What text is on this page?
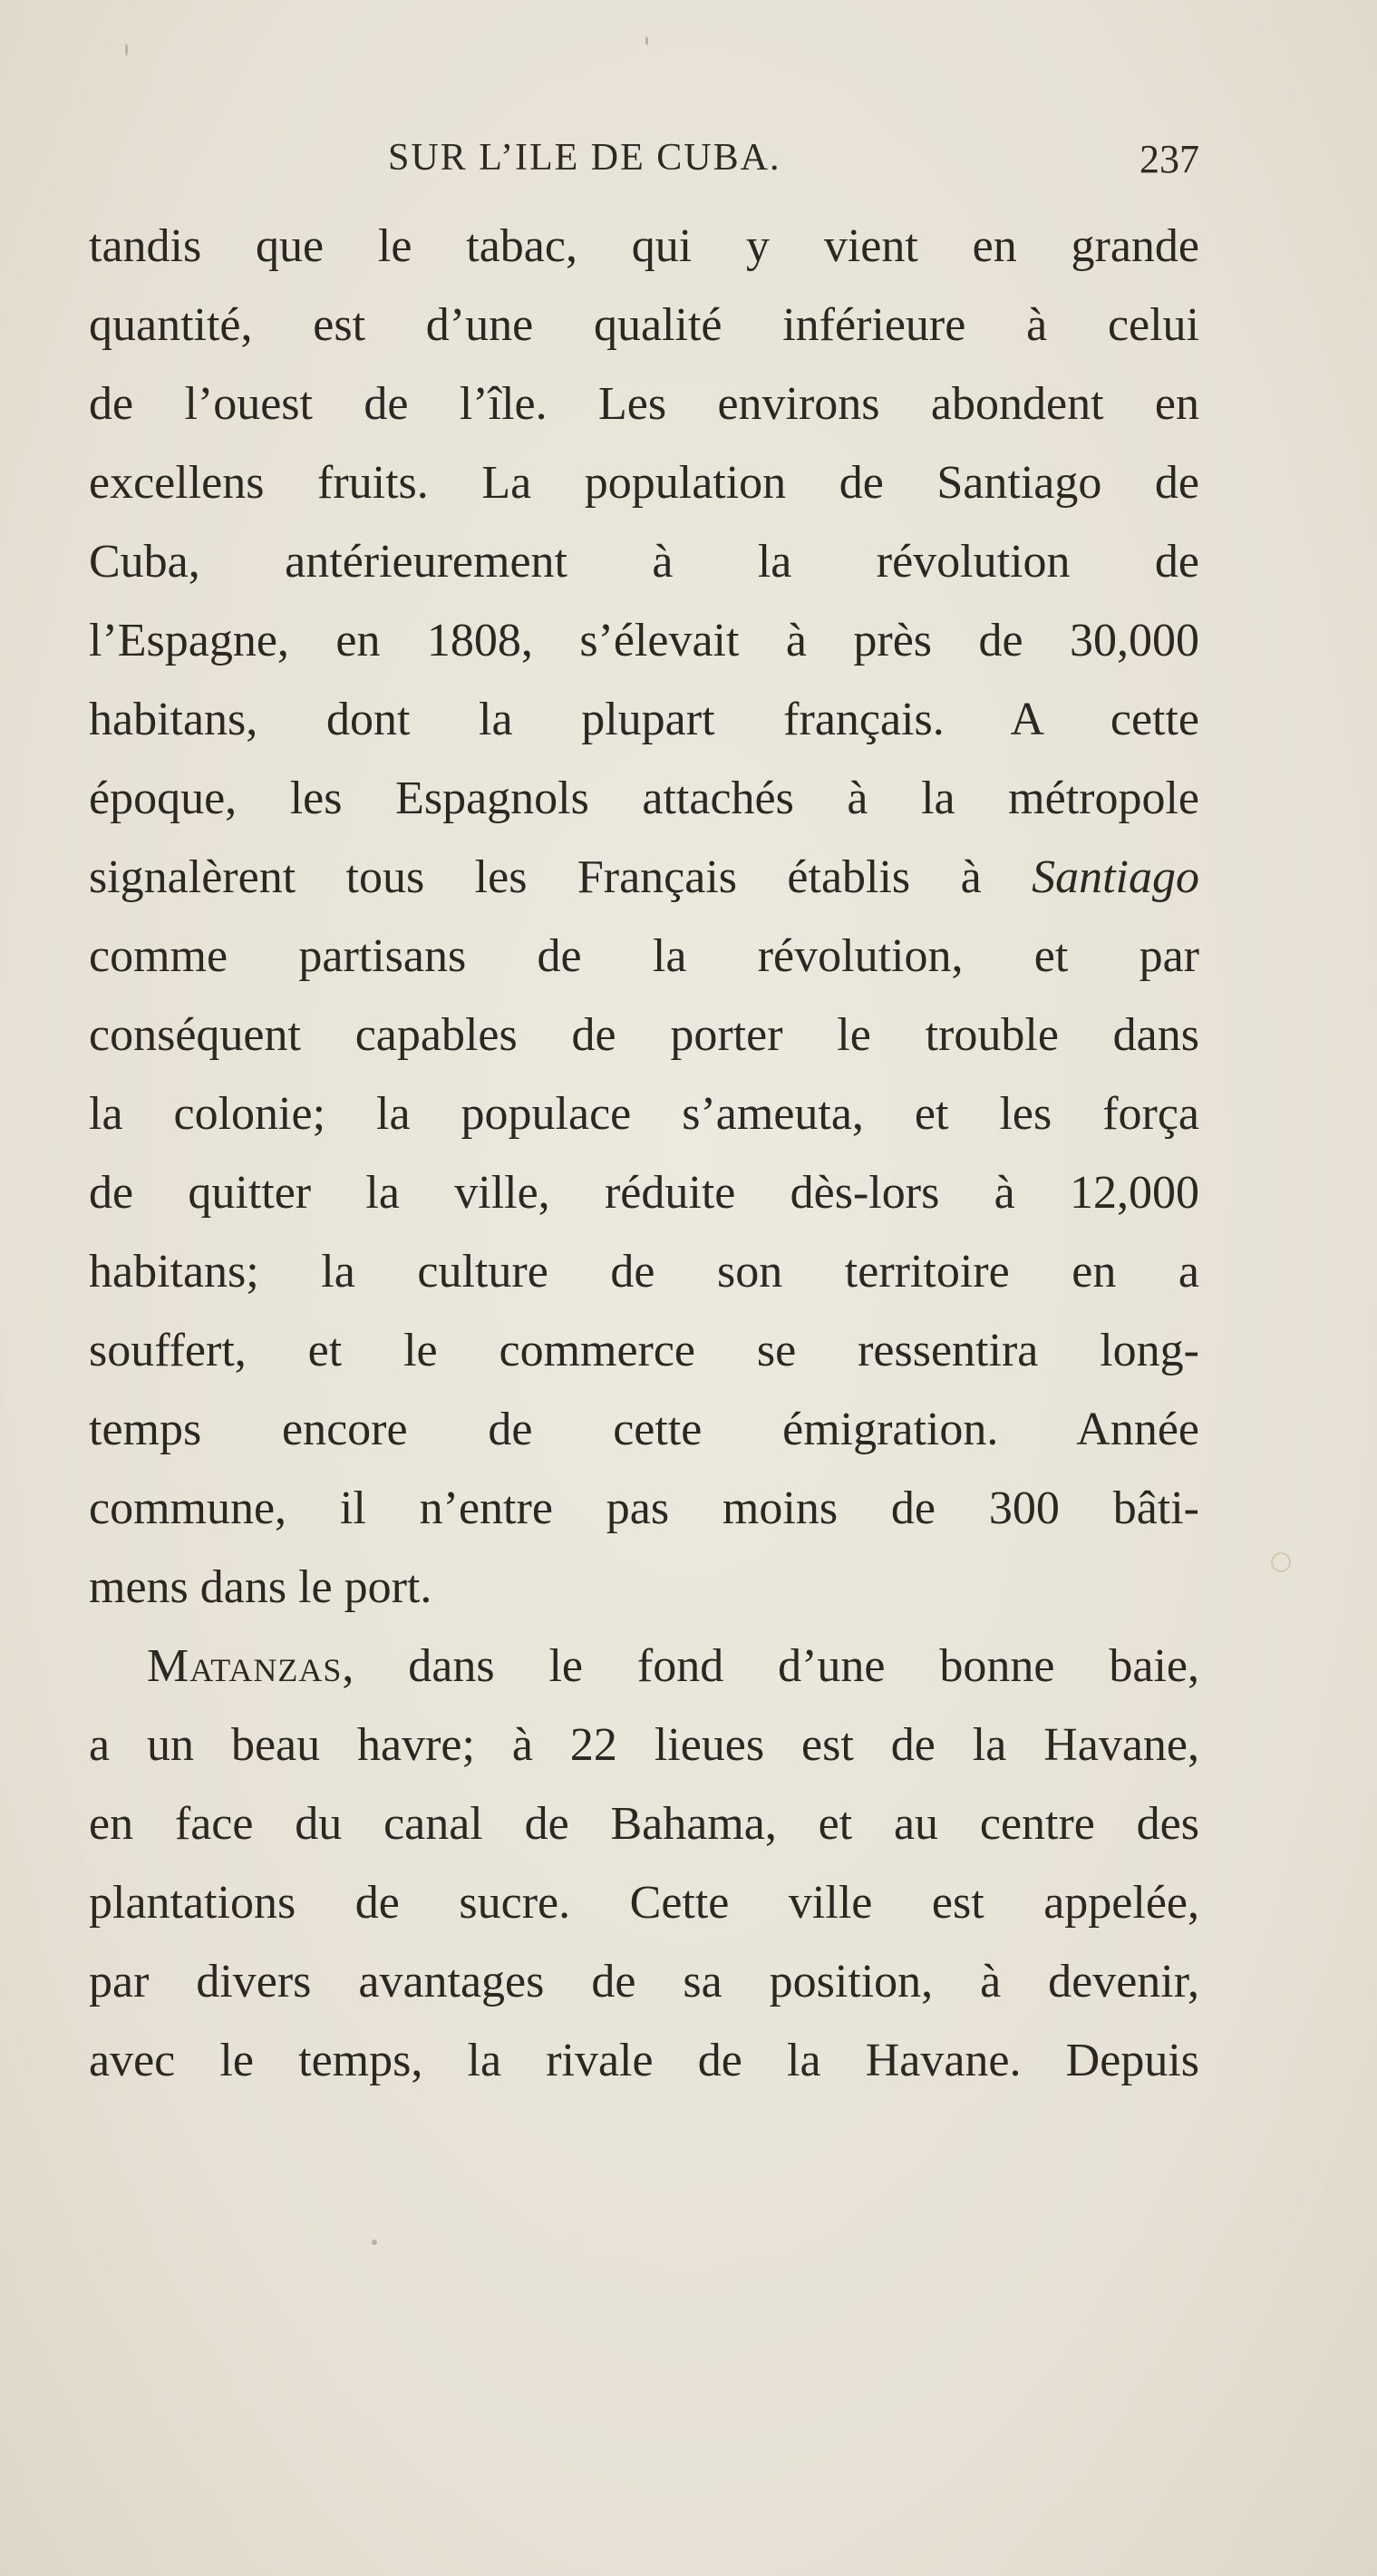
SUR L’ILE DE CUBA.	237
tandis que le tabac, qui y vient en grande
quantité, est d’une qualité inférieure à celui
de l’ouest de l’île. Les environs abondent en
excellens fruits. La population de Santiago de
Cuba, antérieurement à la révolution de
l’Espagne, en 1808, s’élevait à près de 30,000
habitans, dont la plupart français. A cette
époque, les Espagnols attachés à la métropole
signalèrent tous les Français établis à Santiago
comme partisans de la révolution, et par
conséquent capables de porter le trouble dans
la colonie; la populace s’ameuta, et les força
de quitter la ville, réduite dès-lors à 12,000
habitans; la culture de son territoire en a
souffert, et le commerce se ressentira long-
temps encore de cette émigration. Année
commune, il n’entre pas moins de 300 bâti-
mens dans le port.
Matanzas, dans le fond d’une bonne baie,
a un beau havre; à 22 lieues est de la Havane,
en face du canal de Bahama, et au centre des
plantations de sucre. Cette ville est appelée,
par divers avantages de sa position, à devenir,
avec le temps, la rivale de la Havane. Depuis
